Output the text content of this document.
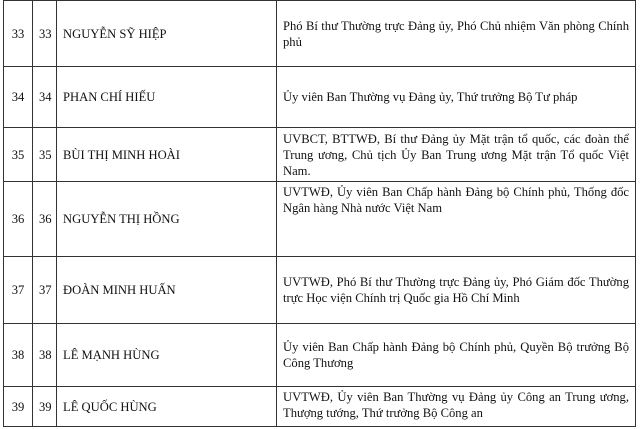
33	33	NGUYỄN SỸ HIỆP	Phó Bí thư Thường trực Đảng ủy, Phó Chủ nhiệm Văn phòng Chính phủ
34	34	PHAN CHÍ HIẾU	Ủy viên Ban Thường vụ Đảng ủy, Thứ trưởng Bộ Tư pháp
35	35	BÙI THỊ MINH HOÀI	UVBCT, BTTWĐ, Bí thư Đảng ủy Mặt trận tổ quốc, các đoàn thể Trung ương, Chủ tịch Ủy Ban Trung ương Mặt trận Tổ quốc Việt Nam.
36	36	NGUYỄN THỊ HỒNG	UVTWĐ, Ủy viên Ban Chấp hành Đảng bộ Chính phủ, Thống đốc Ngân hàng Nhà nước Việt Nam
37	37	ĐOÀN MINH HUẤN	UVTWĐ, Phó Bí thư Thường trực Đảng ủy, Phó Giám đốc Thường trực Học viện Chính trị Quốc gia Hồ Chí Minh
38	38	LÊ MẠNH HÙNG	Ủy viên Ban Chấp hành Đảng bộ Chính phủ, Quyền Bộ trưởng Bộ Công Thương
39	39	LÊ QUỐC HÙNG	UVTWĐ, Ủy viên Ban Thường vụ Đảng ủy Công an Trung ương, Thượng tướng, Thứ trưởng Bộ Công an
